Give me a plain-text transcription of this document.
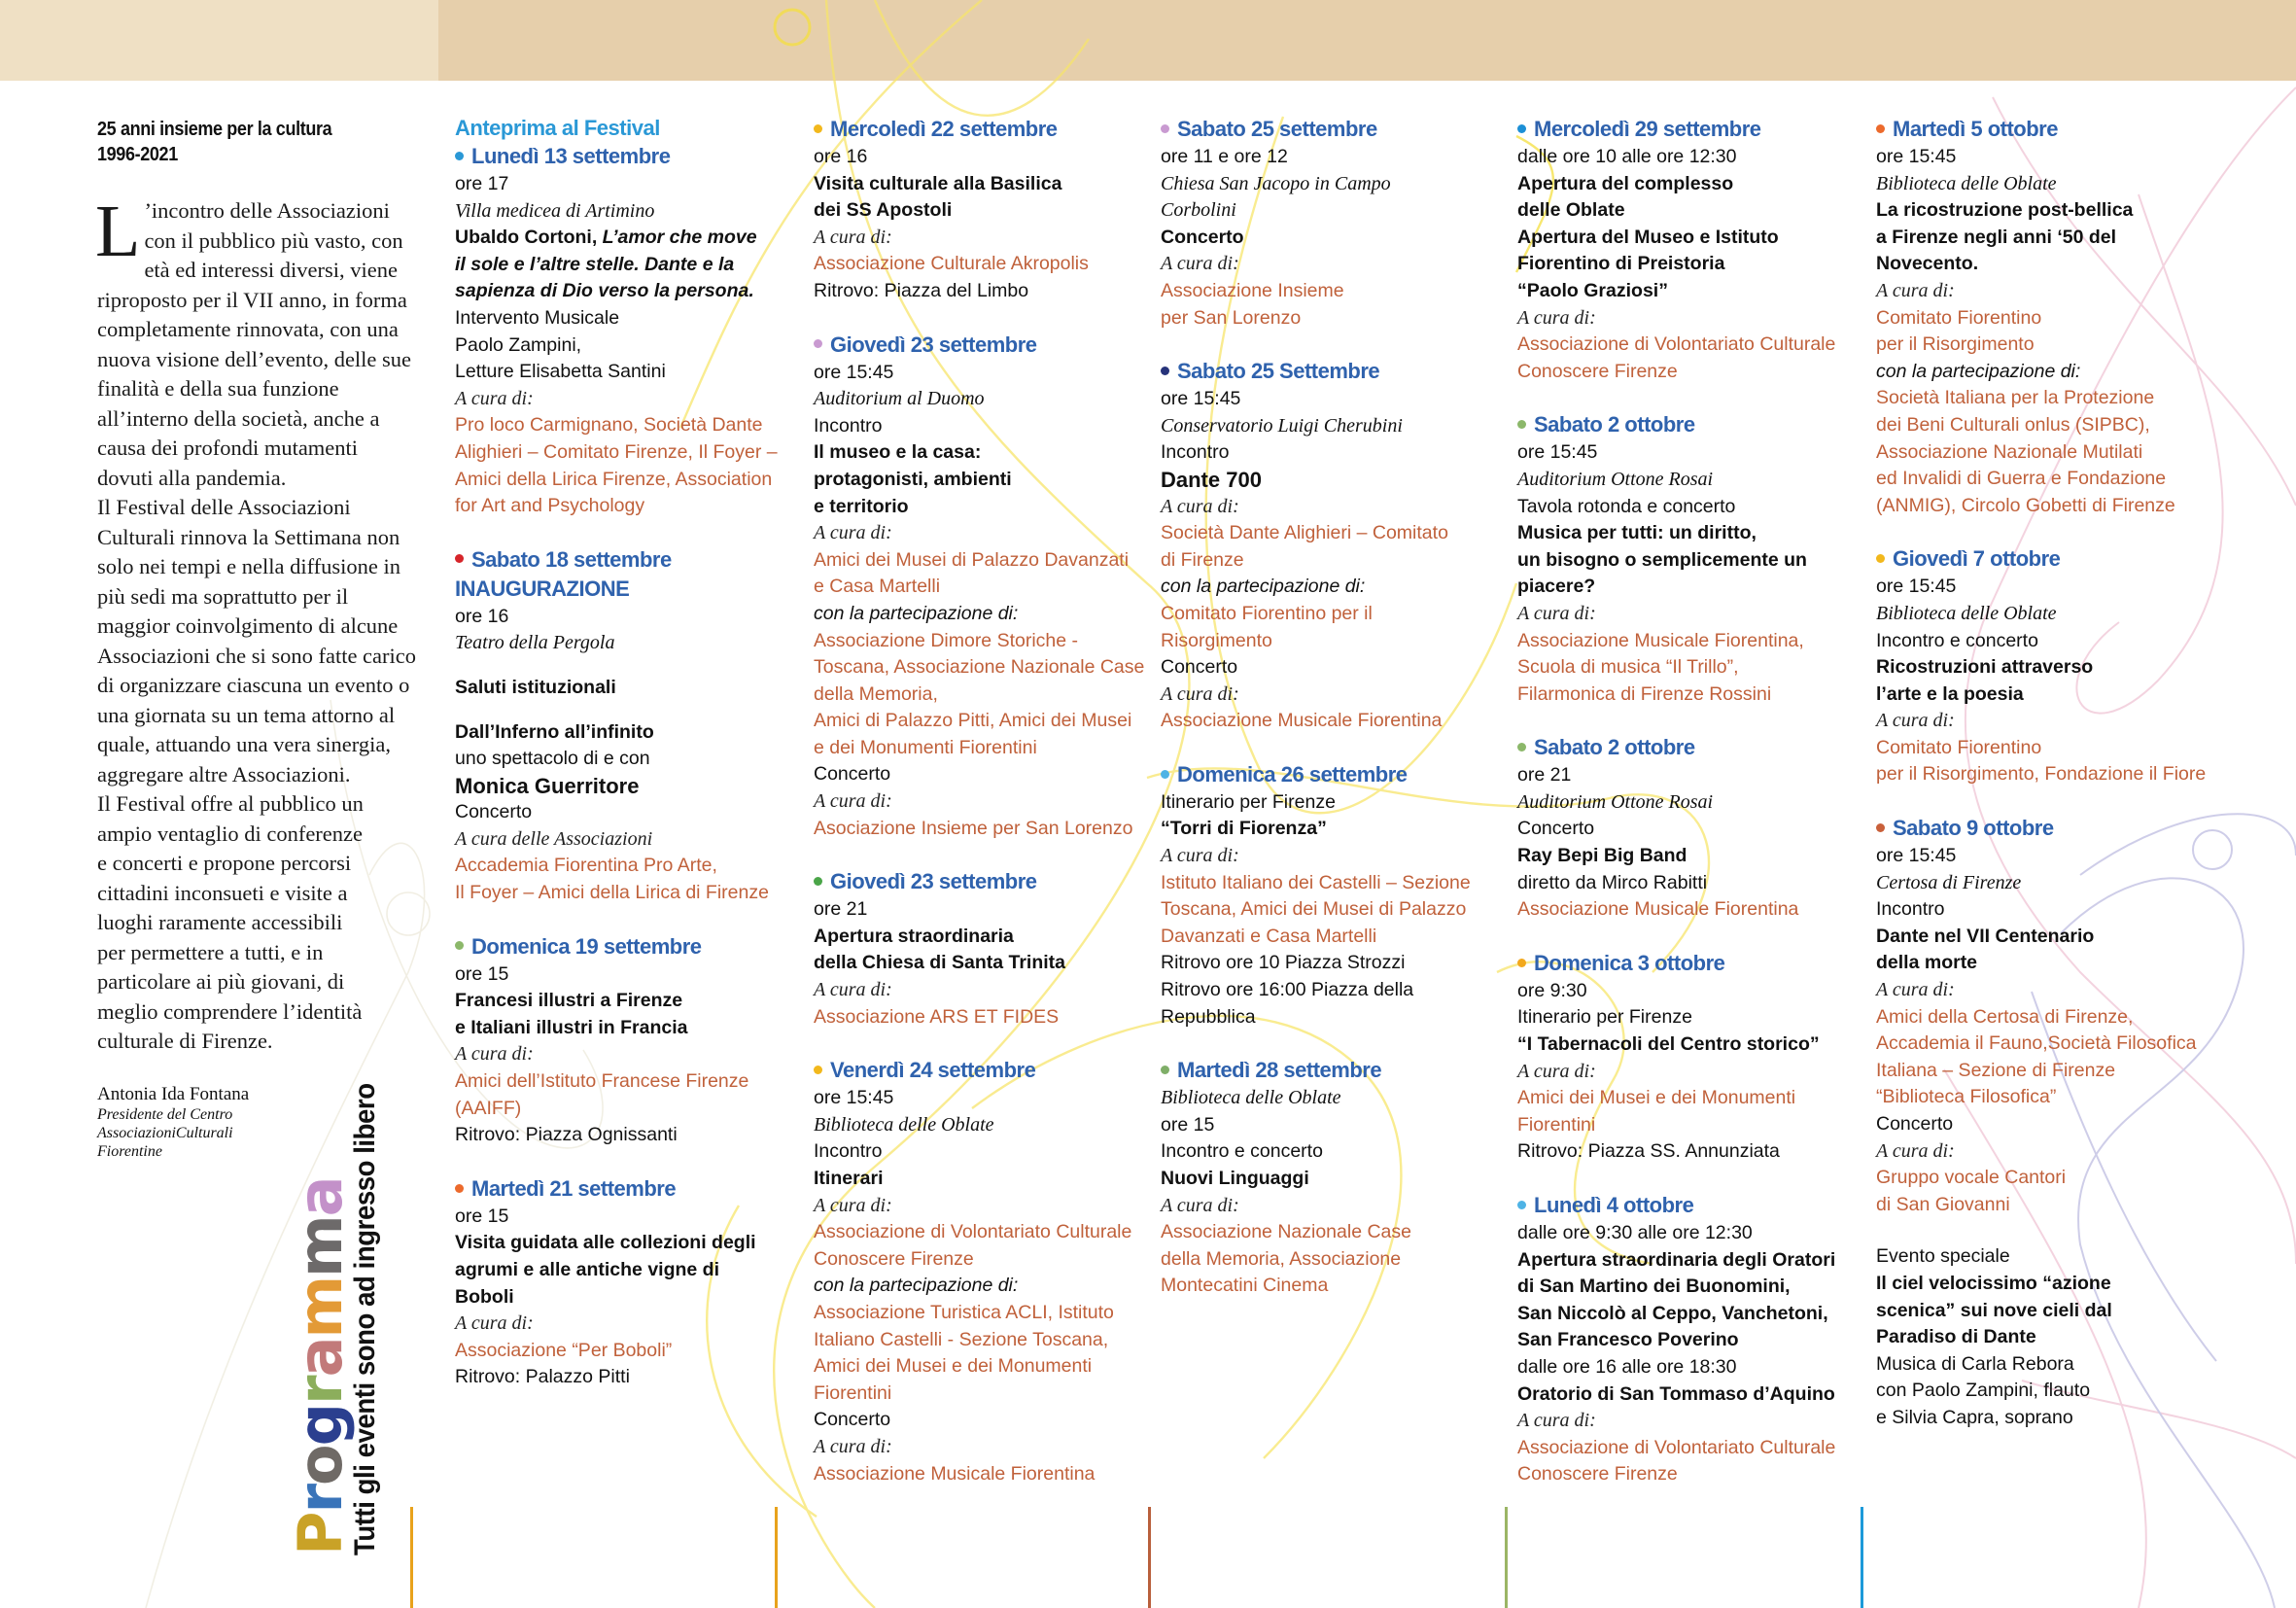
25 anni insieme per la cultura
1996-2021

L ’incontro delle Associazioni con il pubblico più vasto, con età ed interessi diversi, viene riproposto per il VII anno, in forma completamente rinnovata, con una nuova visione dell’evento, delle sue finalità e della sua funzione all’interno della società, anche a causa dei profondi mutamenti dovuti alla pandemia.

Il Festival delle Associazioni Culturali rinnova la Settimana non solo nei tempi e nella diffusione in più sedi ma soprattutto per il maggior coinvolgimento di alcune Associazioni che si sono fatte carico di organizzare ciascuna un evento o una giornata su un tema attorno al quale, attuando una vera sinergia, aggregare altre Associazioni.

Il Festival offre al pubblico un ampio ventaglio di conferenze e concerti e propone percorsi cittadini inconsueti e visite a luoghi raramente accessibili per permettere a tutti, e in particolare ai più giovani, di meglio comprendere l’identità culturale di Firenze.

Antonia Ida Fontana
Presidente del Centro
AssociazioniCulturali
Fiorentine
Programma
Tutti gli eventi sono ad ingresso libero
Anteprima al Festival
Lunedì 13 settembre
ore 17
Villa medicea di Artimino
Ubaldo Cortoni, L’amor che move
il sole e l’altre stelle. Dante e la
sapienza di Dio verso la persona.
Intervento Musicale
Paolo Zampini,
Letture Elisabetta Santini
A cura di:
Pro loco Carmignano, Società Dante
Alighieri – Comitato Firenze, Il Foyer –
Amici della Lirica Firenze, Association
for Art and Psychology
Sabato 18 settembre
INAUGURAZIONE
ore 16
Teatro della Pergola
Saluti istituzionali
Dall’Inferno all’infinito
uno spettacolo di e con
Monica Guerritore
Concerto
A cura delle Associazioni
Accademia Fiorentina Pro Arte,
Il Foyer – Amici della Lirica di Firenze
Domenica 19 settembre
ore 15
Francesi illustri a Firenze
e Italiani illustri in Francia
A cura di:
Amici dell’Istituto Francese Firenze
(AAIFF)
Ritrovo: Piazza Ognissanti
Martedì 21 settembre
ore 15
Visita guidata alle collezioni degli
agrumi e alle antiche vigne di
Boboli
A cura di:
Associazione “Per Boboli”
Ritrovo: Palazzo Pitti
Mercoledì 22 settembre
ore 16
Visita culturale alla Basilica
dei SS Apostoli
A cura di:
Associazione Culturale Akropolis
Ritrovo: Piazza del Limbo
Giovedì 23 settembre
ore 15:45
Auditorium al Duomo
Incontro
Il museo e la casa:
protagonisti, ambienti
e territorio
A cura di:
Amici dei Musei di Palazzo Davanzati
e Casa Martelli
con la partecipazione di:
Associazione Dimore Storiche -
Toscana, Associazione Nazionale Case
della Memoria,
Amici di Palazzo Pitti, Amici dei Musei
e dei Monumenti Fiorentini
Concerto
A cura di:
Asociazione Insieme per San Lorenzo
Giovedì 23 settembre
ore 21
Apertura straordinaria
della Chiesa di Santa Trinita
A cura di:
Associazione ARS ET FIDES
Venerdì 24 settembre
ore 15:45
Biblioteca delle Oblate
Incontro
Itinerari
A cura di:
Associazione di Volontariato Culturale
Conoscere Firenze
con la partecipazione di:
Associazione Turistica ACLI, Istituto
Italiano Castelli - Sezione Toscana,
Amici dei Musei e dei Monumenti
Fiorentini
Concerto
A cura di:
Associazione Musicale Fiorentina
Sabato 25 settembre
ore 11 e ore 12
Chiesa San Jacopo in Campo
Corbolini
Concerto
A cura di:
Associazione Insieme
per San Lorenzo
Sabato 25 Settembre
ore 15:45
Conservatorio Luigi Cherubini
Incontro
Dante 700
A cura di:
Società Dante Alighieri – Comitato
di Firenze
con la partecipazione di:
Comitato Fiorentino per il
Risorgimento
Concerto
A cura di:
Associazione Musicale Fiorentina
Domenica 26 settembre
Itinerario per Firenze
“Torri di Fiorenza”
A cura di:
Istituto Italiano dei Castelli – Sezione
Toscana, Amici dei Musei di Palazzo
Davanzati e Casa Martelli
Ritrovo ore 10 Piazza Strozzi
Ritrovo ore 16:00 Piazza della
Repubblica
Martedì 28 settembre
Biblioteca delle Oblate
ore 15
Incontro e concerto
Nuovi Linguaggi
A cura di:
Associazione Nazionale Case
della Memoria, Associazione
Montecatini Cinema
Mercoledì 29 settembre
dalle ore 10 alle ore 12:30
Apertura del complesso
delle Oblate
Apertura del Museo e Istituto
Fiorentino di Preistoria
“Paolo Graziosi”
A cura di:
Associazione di Volontariato Culturale
Conoscere Firenze
Sabato 2 ottobre
ore 15:45
Auditorium Ottone Rosai
Tavola rotonda e concerto
Musica per tutti: un diritto,
un bisogno o semplicemente un
piacere?
A cura di:
Associazione Musicale Fiorentina,
Scuola di musica “Il Trillo”,
Filarmonica di Firenze Rossini
Sabato 2 ottobre
ore 21
Auditorium Ottone Rosai
Concerto
Ray Bepi Big Band
diretto da Mirco Rabitti
Associazione Musicale Fiorentina
Domenica 3 ottobre
ore 9:30
Itinerario per Firenze
“I Tabernacoli del Centro storico”
A cura di:
Amici dei Musei e dei Monumenti
Fiorentini
Ritrovo: Piazza SS. Annunziata
Lunedì 4 ottobre
dalle ore 9:30 alle ore 12:30
Apertura straordinaria degli Oratori
di San Martino dei Buonomini,
San Niccolò al Ceppo, Vanchetoni,
San Francesco Poverino
dalle ore 16 alle ore 18:30
Oratorio di San Tommaso d’Aquino
A cura di:
Associazione di Volontariato Culturale
Conoscere Firenze
Martedì 5 ottobre
ore 15:45
Biblioteca delle Oblate
La ricostruzione post-bellica
a Firenze negli anni ‘50 del
Novecento.
A cura di:
Comitato Fiorentino
per il Risorgimento
con la partecipazione di:
Società Italiana per la Protezione
dei Beni Culturali onlus (SIPBC),
Associazione Nazionale Mutilati
ed Invalidi di Guerra e Fondazione
(ANMIG), Circolo Gobetti di Firenze
Giovedì 7 ottobre
ore 15:45
Biblioteca delle Oblate
Incontro e concerto
Ricostruzioni attraverso
l’arte e la poesia
A cura di:
Comitato Fiorentino
per il Risorgimento, Fondazione il Fiore
Sabato 9 ottobre
ore 15:45
Certosa di Firenze
Incontro
Dante nel VII Centenario
della morte
A cura di:
Amici della Certosa di Firenze,
Accademia il Fauno,Società Filosofica
Italiana – Sezione di Firenze
“Biblioteca Filosofica”
Concerto
A cura di:
Gruppo vocale Cantori
di San Giovanni
Evento speciale
Il ciel velocissimo “azione
scenica” sui nove cieli dal
Paradiso di Dante
Musica di Carla Rebora
con Paolo Zampini, flauto
e Silvia Capra, soprano
